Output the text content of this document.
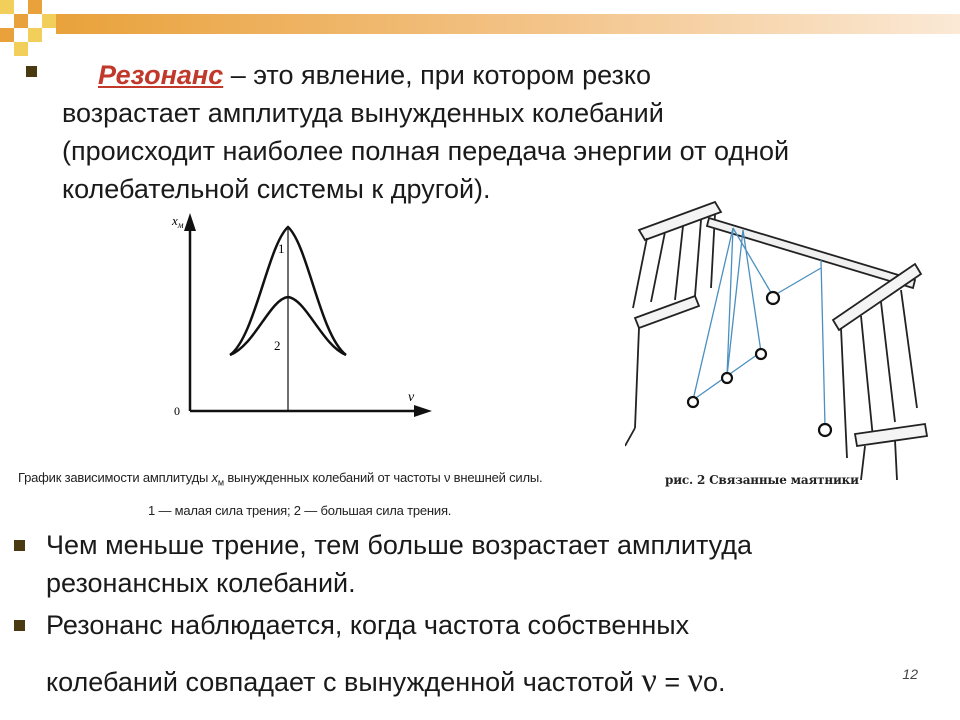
Резонанс – это явление, при котором резко
возрастает амплитуда вынужденных колебаний
(происходит наиболее полная передача энергии от одной
колебательной системы к другой).
$x_м$
ν
0
1
2
График зависимости амплитуды $x_м$ вынужденных колебаний от частоты ν внешней силы.
1 — малая сила трения; 2 — большая сила трения.
рис. 2 Связанные маятники
Чем меньше трение, тем больше возрастает амплитуда
резонансных колебаний.
Резонанс наблюдается, когда частота собственных
колебаний совпадает с вынужденной частотой ν = νо.	12
